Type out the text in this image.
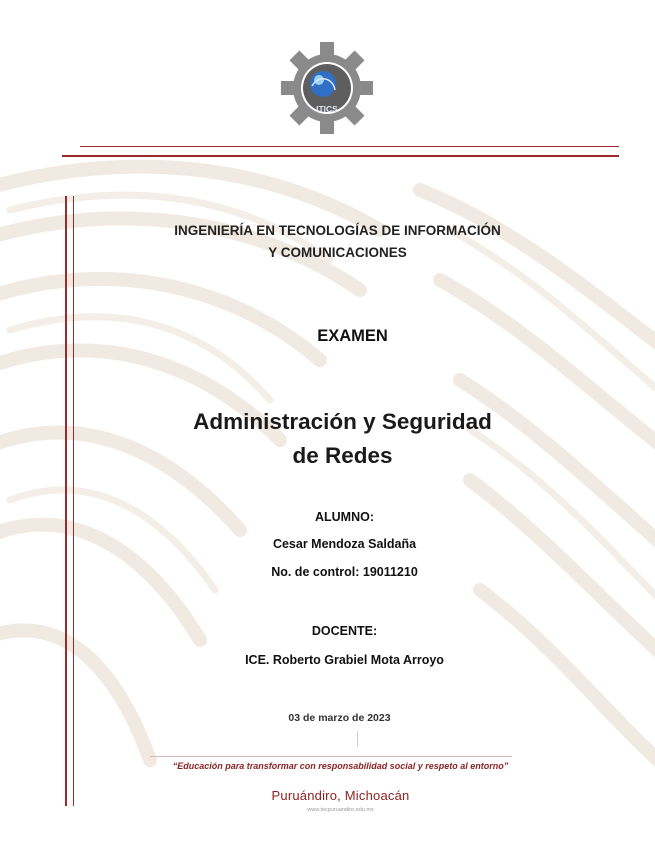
ITICS
INGENIERÍA EN TECNOLOGÍAS DE INFORMACIÓN
Y COMUNICACIONES
EXAMEN
Administración y Seguridad
de Redes
ALUMNO:
Cesar Mendoza Saldaña
No. de control: 19011210
DOCENTE:
ICE. Roberto Grabiel Mota Arroyo
03 de marzo de 2023
“Educación para transformar con responsabilidad social y respeto al entorno”
Puruándiro, Michoacán
www.tecpuruandiro.edu.mx
